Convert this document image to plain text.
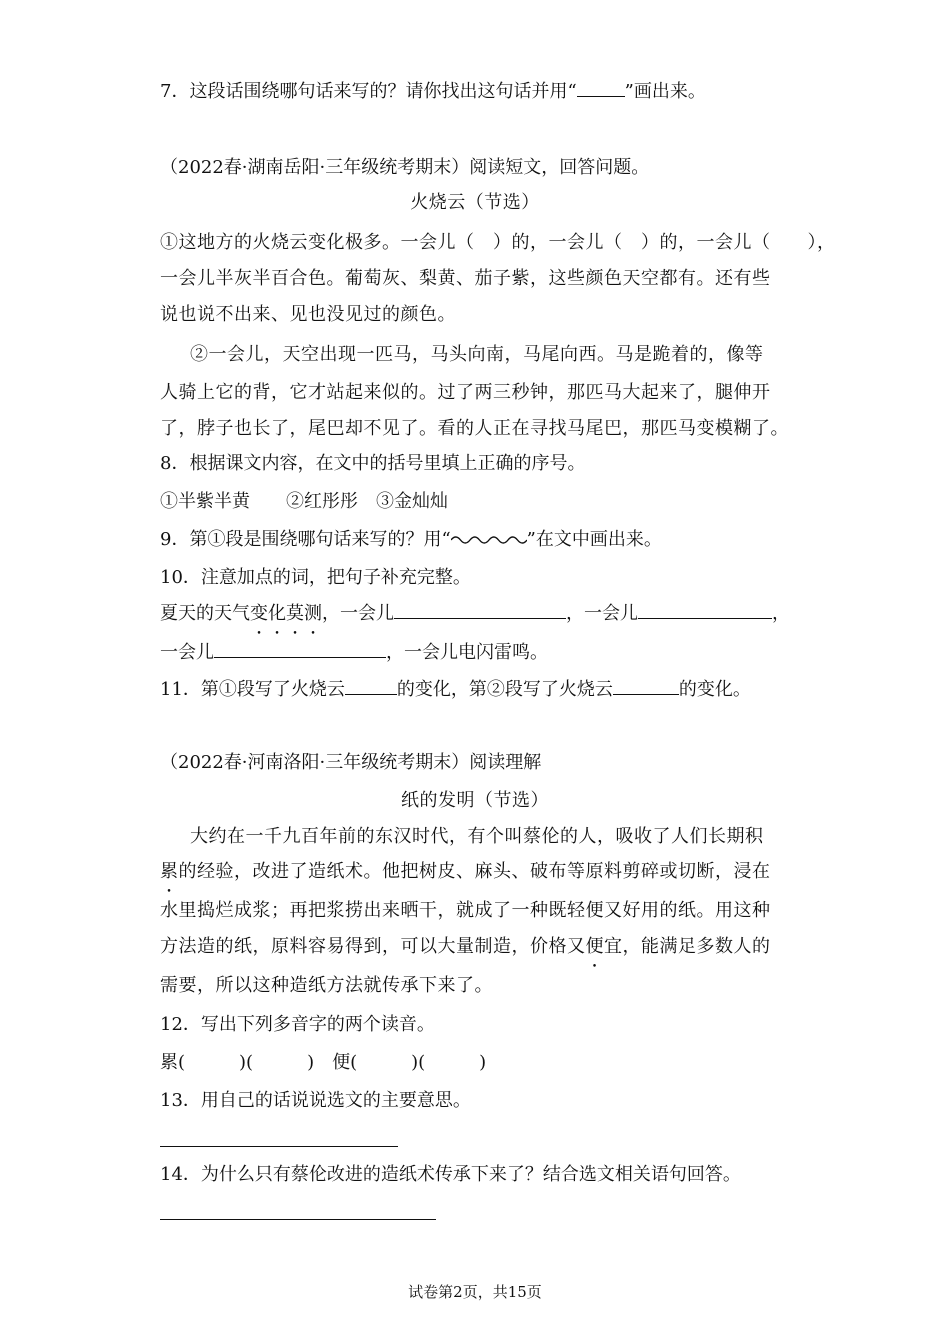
7．这段话围绕哪句话来写的？请你找出这句话并用“	”画出来。
（2022春·湖南岳阳·三年级统考期末）阅读短文，回答问题。
火烧云（节选）
①这地方的火烧云变化极多。一会儿（　）的，一会儿（　）的，一会儿（　　），
一会儿半灰半百合色。葡萄灰、梨黄、茄子紫，这些颜色天空都有。还有些
说也说不出来、见也没见过的颜色。
②一会儿，天空出现一匹马，马头向南，马尾向西。马是跪着的，像等
人骑上它的背，它才站起来似的。过了两三秒钟，那匹马大起来了，腿伸开
了，脖子也长了，尾巴却不见了。看的人正在寻找马尾巴，那匹马变模糊了。
8．根据课文内容，在文中的括号里填上正确的序号。
①半紫半黄　　②红彤彤　③金灿灿
9．第①段是围绕哪句话来写的？用“	”在文中画出来。
10．注意加点的词，把句子补充完整。
夏天的天气变化莫测，一会儿	，一会儿	，
一会儿	，一会儿电闪雷鸣。
11．第①段写了火烧云	的变化，第②段写了火烧云	的变化。
（2022春·河南洛阳·三年级统考期末）阅读理解
纸的发明（节选）
大约在一千九百年前的东汉时代，有个叫蔡伦的人，吸收了人们长期积
累的经验，改进了造纸术。他把树皮、麻头、破布等原料剪碎或切断，浸在
水里捣烂成浆；再把浆捞出来晒干，就成了一种既轻便又好用的纸。用这种
方法造的纸，原料容易得到，可以大量制造，价格又便宜，能满足多数人的
需要，所以这种造纸方法就传承下来了。
12．写出下列多音字的两个读音。
累(　　　)(　　　)　便(　　　)(　　　)
13．用自己的话说说选文的主要意思。
14．为什么只有蔡伦改进的造纸术传承下来了？结合选文相关语句回答。
试卷第2页，共15页
